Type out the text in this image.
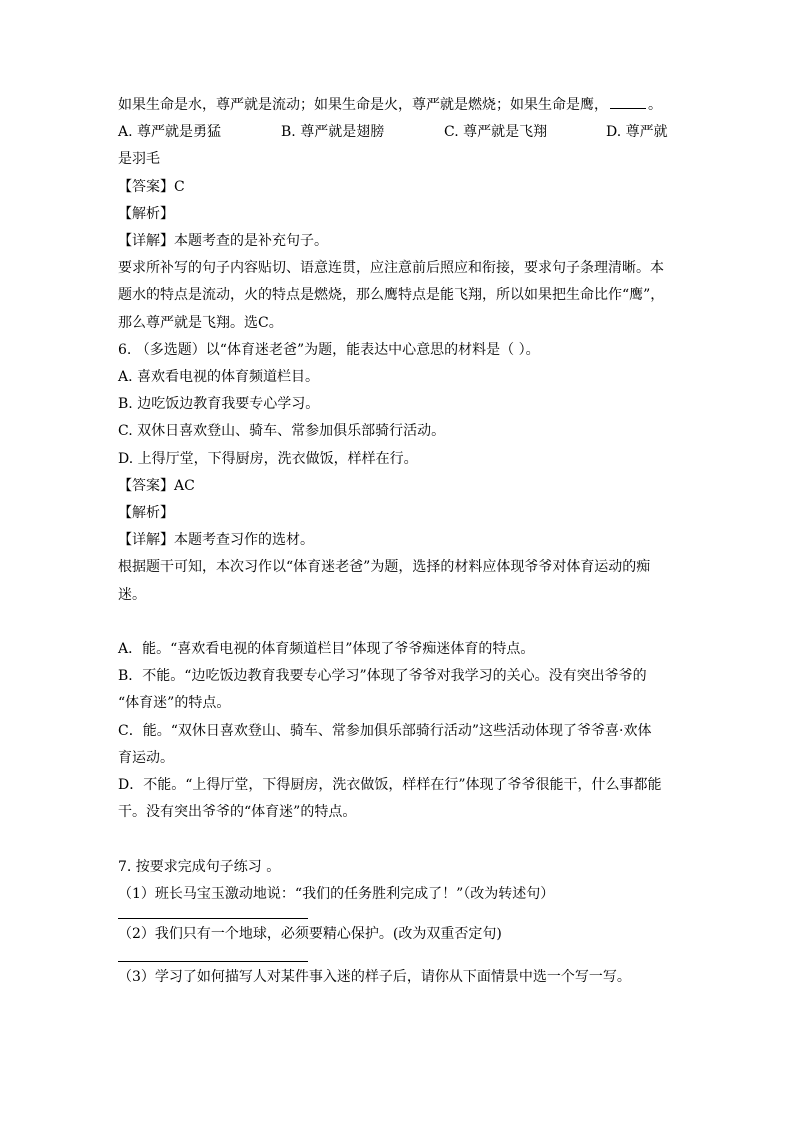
如果生命是水，尊严就是流动；如果生命是火，尊严就是燃烧；如果生命是鹰，	。

A. 尊严就是勇猛	B. 尊严就是翅膀	C. 尊严就是飞翔	D. 尊严就

是羽毛

【答案】C

【解析】

【详解】本题考查的是补充句子。

要求所补写的句子内容贴切、语意连贯，应注意前后照应和衔接，要求句子条理清晰。本

题水的特点是流动，火的特点是燃烧，那么鹰特点是能飞翔，所以如果把生命比作“鹰”，

那么尊严就是飞翔。选C。

6. （多选题）以“体育迷老爸”为题，能表达中心意思的材料是（ ）。

A. 喜欢看电视的体育频道栏目。

B. 边吃饭边教育我要专心学习。

C. 双休日喜欢登山、骑车、常参加俱乐部骑行活动。

D. 上得厅堂，下得厨房，洗衣做饭，样样在行。

【答案】AC

【解析】

【详解】本题考查习作的选材。

根据题干可知，本次习作以“体育迷老爸”为题，选择的材料应体现爷爷对体育运动的痴

迷。

A．能。“喜欢看电视的体育频道栏目”体现了爷爷痴迷体育的特点。

B．不能。“边吃饭边教育我要专心学习”体现了爷爷对我学习的关心。没有突出爷爷的

“体育迷”的特点。

C．能。“双休日喜欢登山、骑车、常参加俱乐部骑行活动”这些活动体现了爷爷喜·欢体

育运动。

D．不能。“上得厅堂，下得厨房，洗衣做饭，样样在行”体现了爷爷很能干，什么事都能

干。没有突出爷爷的“体育迷”的特点。

7. 按要求完成句子练习 。

（1）班长马宝玉激动地说：“我们的任务胜利完成了！”（改为转述句）

（2）我们只有一个地球，必须要精心保护。(改为双重否定句)

（3）学习了如何描写人对某件事入迷的样子后，请你从下面情景中选一个写一写。
